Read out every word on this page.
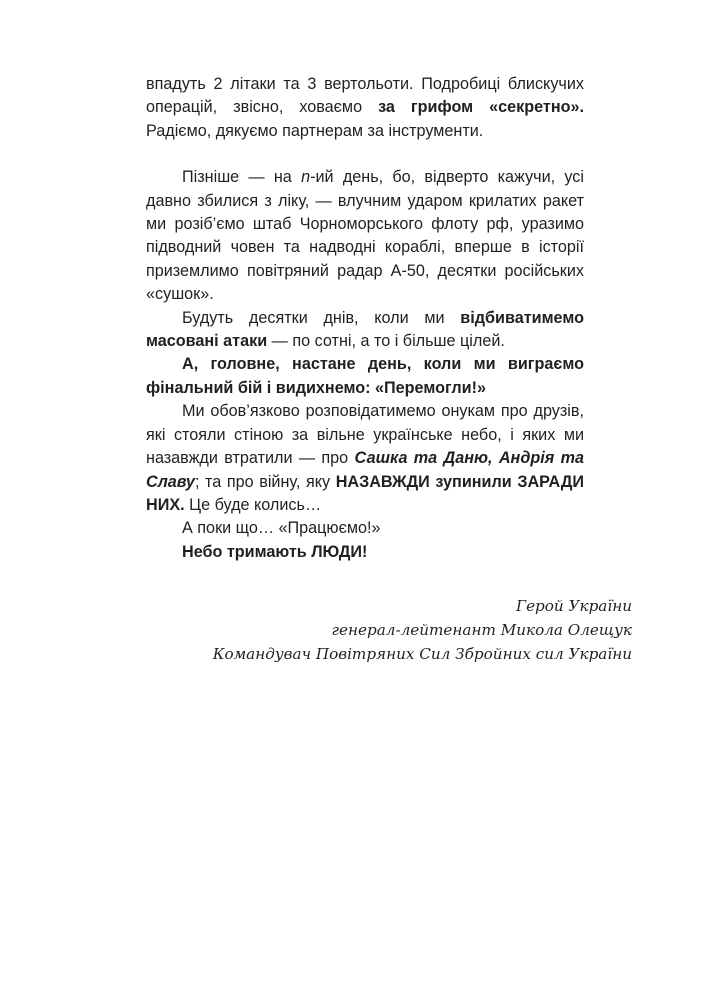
впадуть 2 літаки та 3 вертольоти. Подробиці блискучих операцій, звісно, ховаємо за грифом «секретно». Радіємо, дякуємо партнерам за інструменти.

Пізніше — на n-ий день, бо, відверто кажучи, усі давно збилися з ліку, — влучним ударом крилатих ракет ми розіб’ємо штаб Чорноморського флоту рф, уразимо підводний човен та надводні кораблі, вперше в історії приземлимо повітряний радар А-50, десятки російських «сушок».

Будуть десятки днів, коли ми відбиватимемо масовані атаки — по сотні, а то і більше цілей.

А, головне, настане день, коли ми виграємо фінальний бій і видихнемо: «Перемогли!»

Ми обов’язково розповідатимемо онукам про друзів, які стояли стіною за вільне українське небо, і яких ми назавжди втратили — про Сашка та Даню, Андрія та Славу; та про війну, яку НАЗАВЖДИ зупинили ЗАРАДИ НИХ. Це буде колись…

А поки що… «Працюємо!»

Небо тримають ЛЮДИ!

Герой України
генерал-лейтенант Микола Олещук
Командувач Повітряних Сил Збройних сил України
